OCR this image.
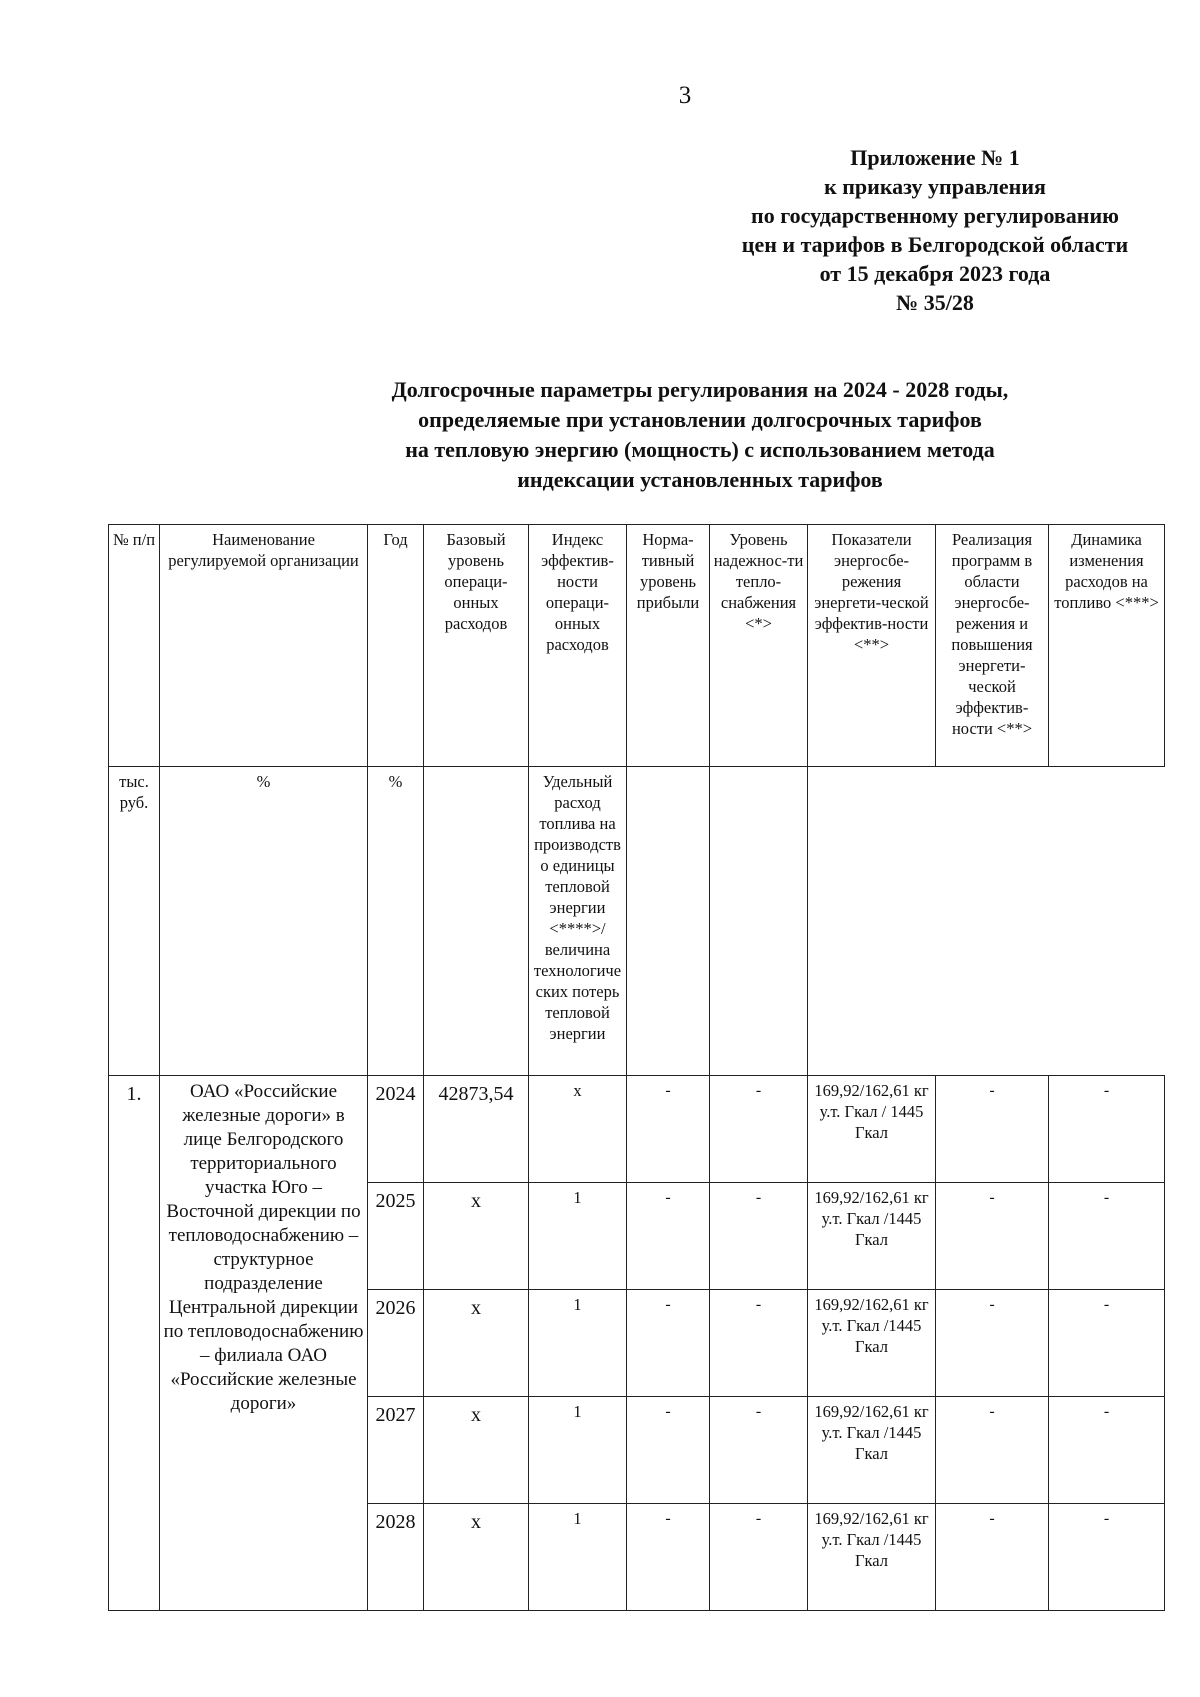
3
Приложение № 1
к приказу управления
по государственному регулированию
цен и тарифов в Белгородской области
от 15 декабря 2023 года
№ 35/28
Долгосрочные параметры регулирования на 2024 - 2028 годы,
определяемые при установлении долгосрочных тарифов
на тепловую энергию (мощность) с использованием метода
индексации установленных тарифов
№ п/п	Наименование регулируемой организации	Год	Базовый уровень операци-онных расходов	Индекс эффектив-ности операци-онных расходов	Норма-тивный уровень прибыли	Уровень надежнос-ти тепло-снабжения <*>	Показатели энергосбе-режения энергети-ческой эффектив-ности <**>	Реализация программ в области энергосбе-режения и повышения энергети-ческой эффектив-ности <**>	Динамика изменения расходов на топливо <***>
тыс. руб.	%	%		Удельный расход топлива на производство единицы тепловой энергии <****>/ величина технологических потерь тепловой энергии					
1.	ОАО «Российские железные дороги» в лице Белгородского территориального участка Юго – Восточной дирекции по тепловодоснабжению – структурное подразделение Центральной дирекции по тепловодоснабжению – филиала ОАО «Российские железные дороги»	2024	42873,54	х	-	-	169,92/162,61 кг у.т. Гкал / 1445 Гкал	-	-
		2025	х	1	-	-	169,92/162,61 кг у.т. Гкал /1445 Гкал	-	-
		2026	х	1	-	-	169,92/162,61 кг у.т. Гкал /1445 Гкал	-	-
		2027	х	1	-	-	169,92/162,61 кг у.т. Гкал /1445 Гкал	-	-
		2028	х	1	-	-	169,92/162,61 кг у.т. Гкал /1445 Гкал	-	-
